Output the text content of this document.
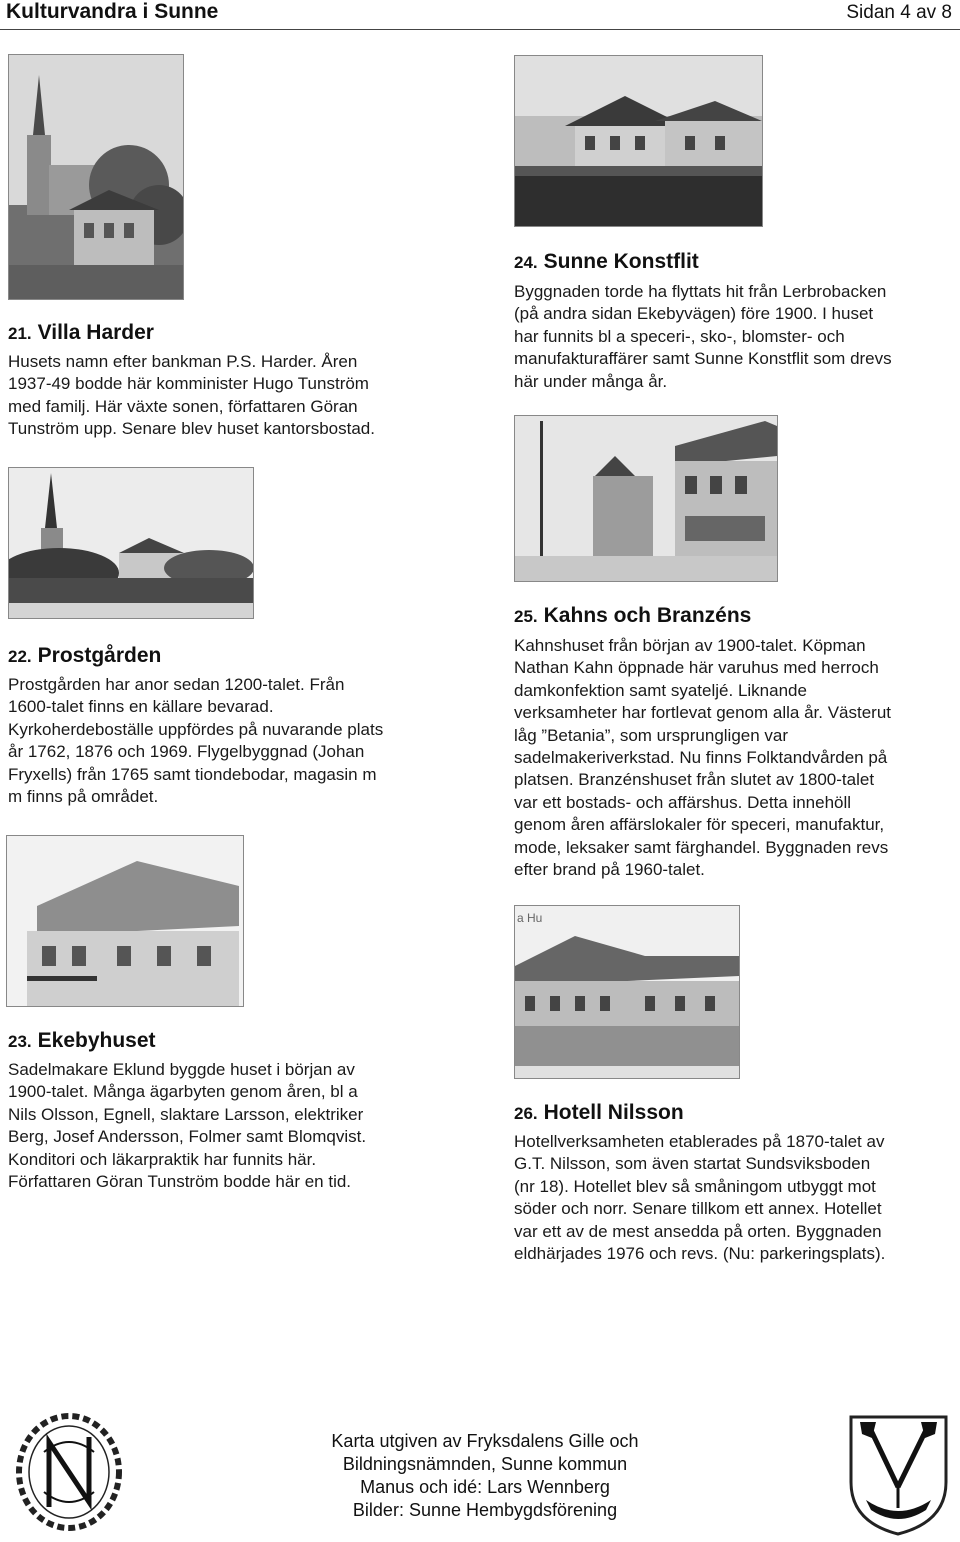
Kulturvandra i Sunne	Sidan 4 av 8
a Hu
21. Villa Harder
Husets namn efter bankman P.S. Harder. Åren
1937-49 bodde här komminister Hugo Tunström
med familj. Här växte sonen, författaren Göran
Tunström upp. Senare blev huset kantorsbostad.
24. Sunne Konstflit
Byggnaden torde ha flyttats hit från Lerbrobacken
(på andra sidan Ekebyvägen) före 1900. I huset
har funnits bl a speceri-, sko-, blomster- och
manufakturaffärer samt Sunne Konstflit som drevs
här under många år.
22. Prostgården
Prostgården har anor sedan 1200-talet. Från
1600-talet finns en källare bevarad.
Kyrkoherdeboställe uppfördes på nuvarande plats
år 1762, 1876 och 1969. Flygelbyggnad (Johan
Fryxells) från 1765 samt tiondebodar, magasin m
m finns på området.
25. Kahns och Branzéns
Kahnshuset från början av 1900-talet. Köpman
Nathan Kahn öppnade här varuhus med herroch
damkonfektion samt syateljé. Liknande
verksamheter har fortlevat genom alla år. Västerut
låg ”Betania”, som ursprungligen var
sadelmakeriverkstad. Nu finns Folktandvården på
platsen. Branzénshuset från slutet av 1800-talet
var ett bostads- och affärshus. Detta innehöll
genom åren affärslokaler för speceri, manufaktur,
mode, leksaker samt färghandel. Byggnaden revs
efter brand på 1960-talet.
23. Ekebyhuset
Sadelmakare Eklund byggde huset i början av
1900-talet. Många ägarbyten genom åren, bl a
Nils Olsson, Egnell, slaktare Larsson, elektriker
Berg, Josef Andersson, Folmer samt Blomqvist.
Konditori och läkarpraktik har funnits här.
Författaren Göran Tunström bodde här en tid.
26. Hotell Nilsson
Hotellverksamheten etablerades på 1870-talet av
G.T. Nilsson, som även startat Sundsviksboden
(nr 18). Hotellet blev så småningom utbyggt mot
söder och norr. Senare tillkom ett annex. Hotellet
var ett av de mest ansedda på orten. Byggnaden
eldhärjades 1976 och revs. (Nu: parkeringsplats).
Karta utgiven av Fryksdalens Gille och
Bildningsnämnden, Sunne kommun
Manus och idé: Lars Wennberg
Bilder: Sunne Hembygdsförening
